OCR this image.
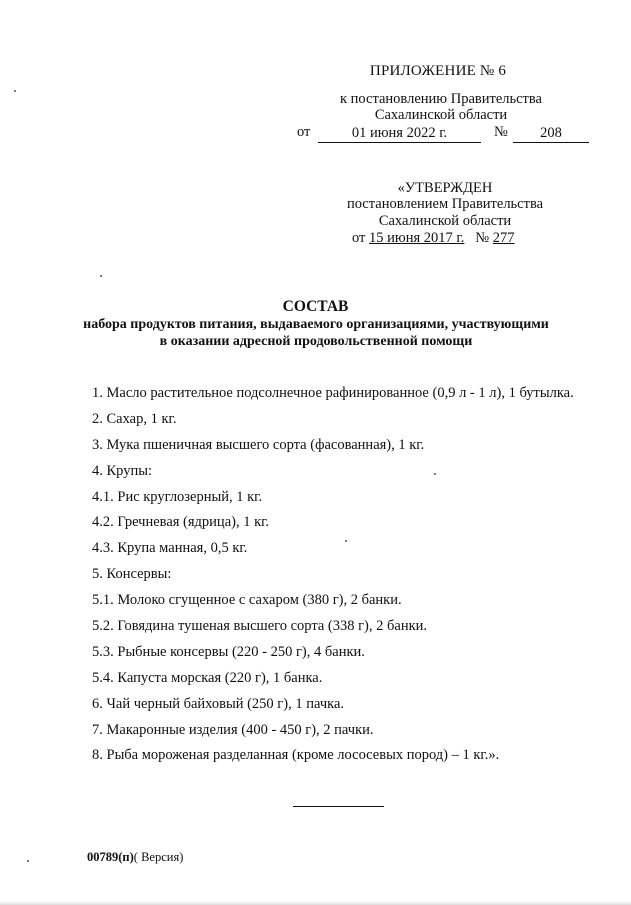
ПРИЛОЖЕНИЕ № 6
к постановлению Правительства
Сахалинской области
от	01 июня 2022 г.	№	208
«УТВЕРЖДЕН
постановлением Правительства
Сахалинской области
от 15 июня 2017 г. № 277
СОСТАВ
набора продуктов питания, выдаваемого организациями, участвующими
в оказании адресной продовольственной помощи
1. Масло растительное подсолнечное рафинированное (0,9 л - 1 л), 1 бутылка.
2. Сахар, 1 кг.
3. Мука пшеничная высшего сорта (фасованная), 1 кг.
4. Крупы:
4.1. Рис круглозерный, 1 кг.
4.2. Гречневая (ядрица), 1 кг.
4.3. Крупа манная, 0,5 кг.
5. Консервы:
5.1. Молоко сгущенное с сахаром (380 г), 2 банки.
5.2. Говядина тушеная высшего сорта (338 г), 2 банки.
5.3. Рыбные консервы (220 - 250 г), 4 банки.
5.4. Капуста морская (220 г), 1 банка.
6. Чай черный байховый (250 г), 1 пачка.
7. Макаронные изделия (400 - 450 г), 2 пачки.
8. Рыба мороженая разделанная (кроме лососевых пород) – 1 кг.».
00789(п)( Версия)
